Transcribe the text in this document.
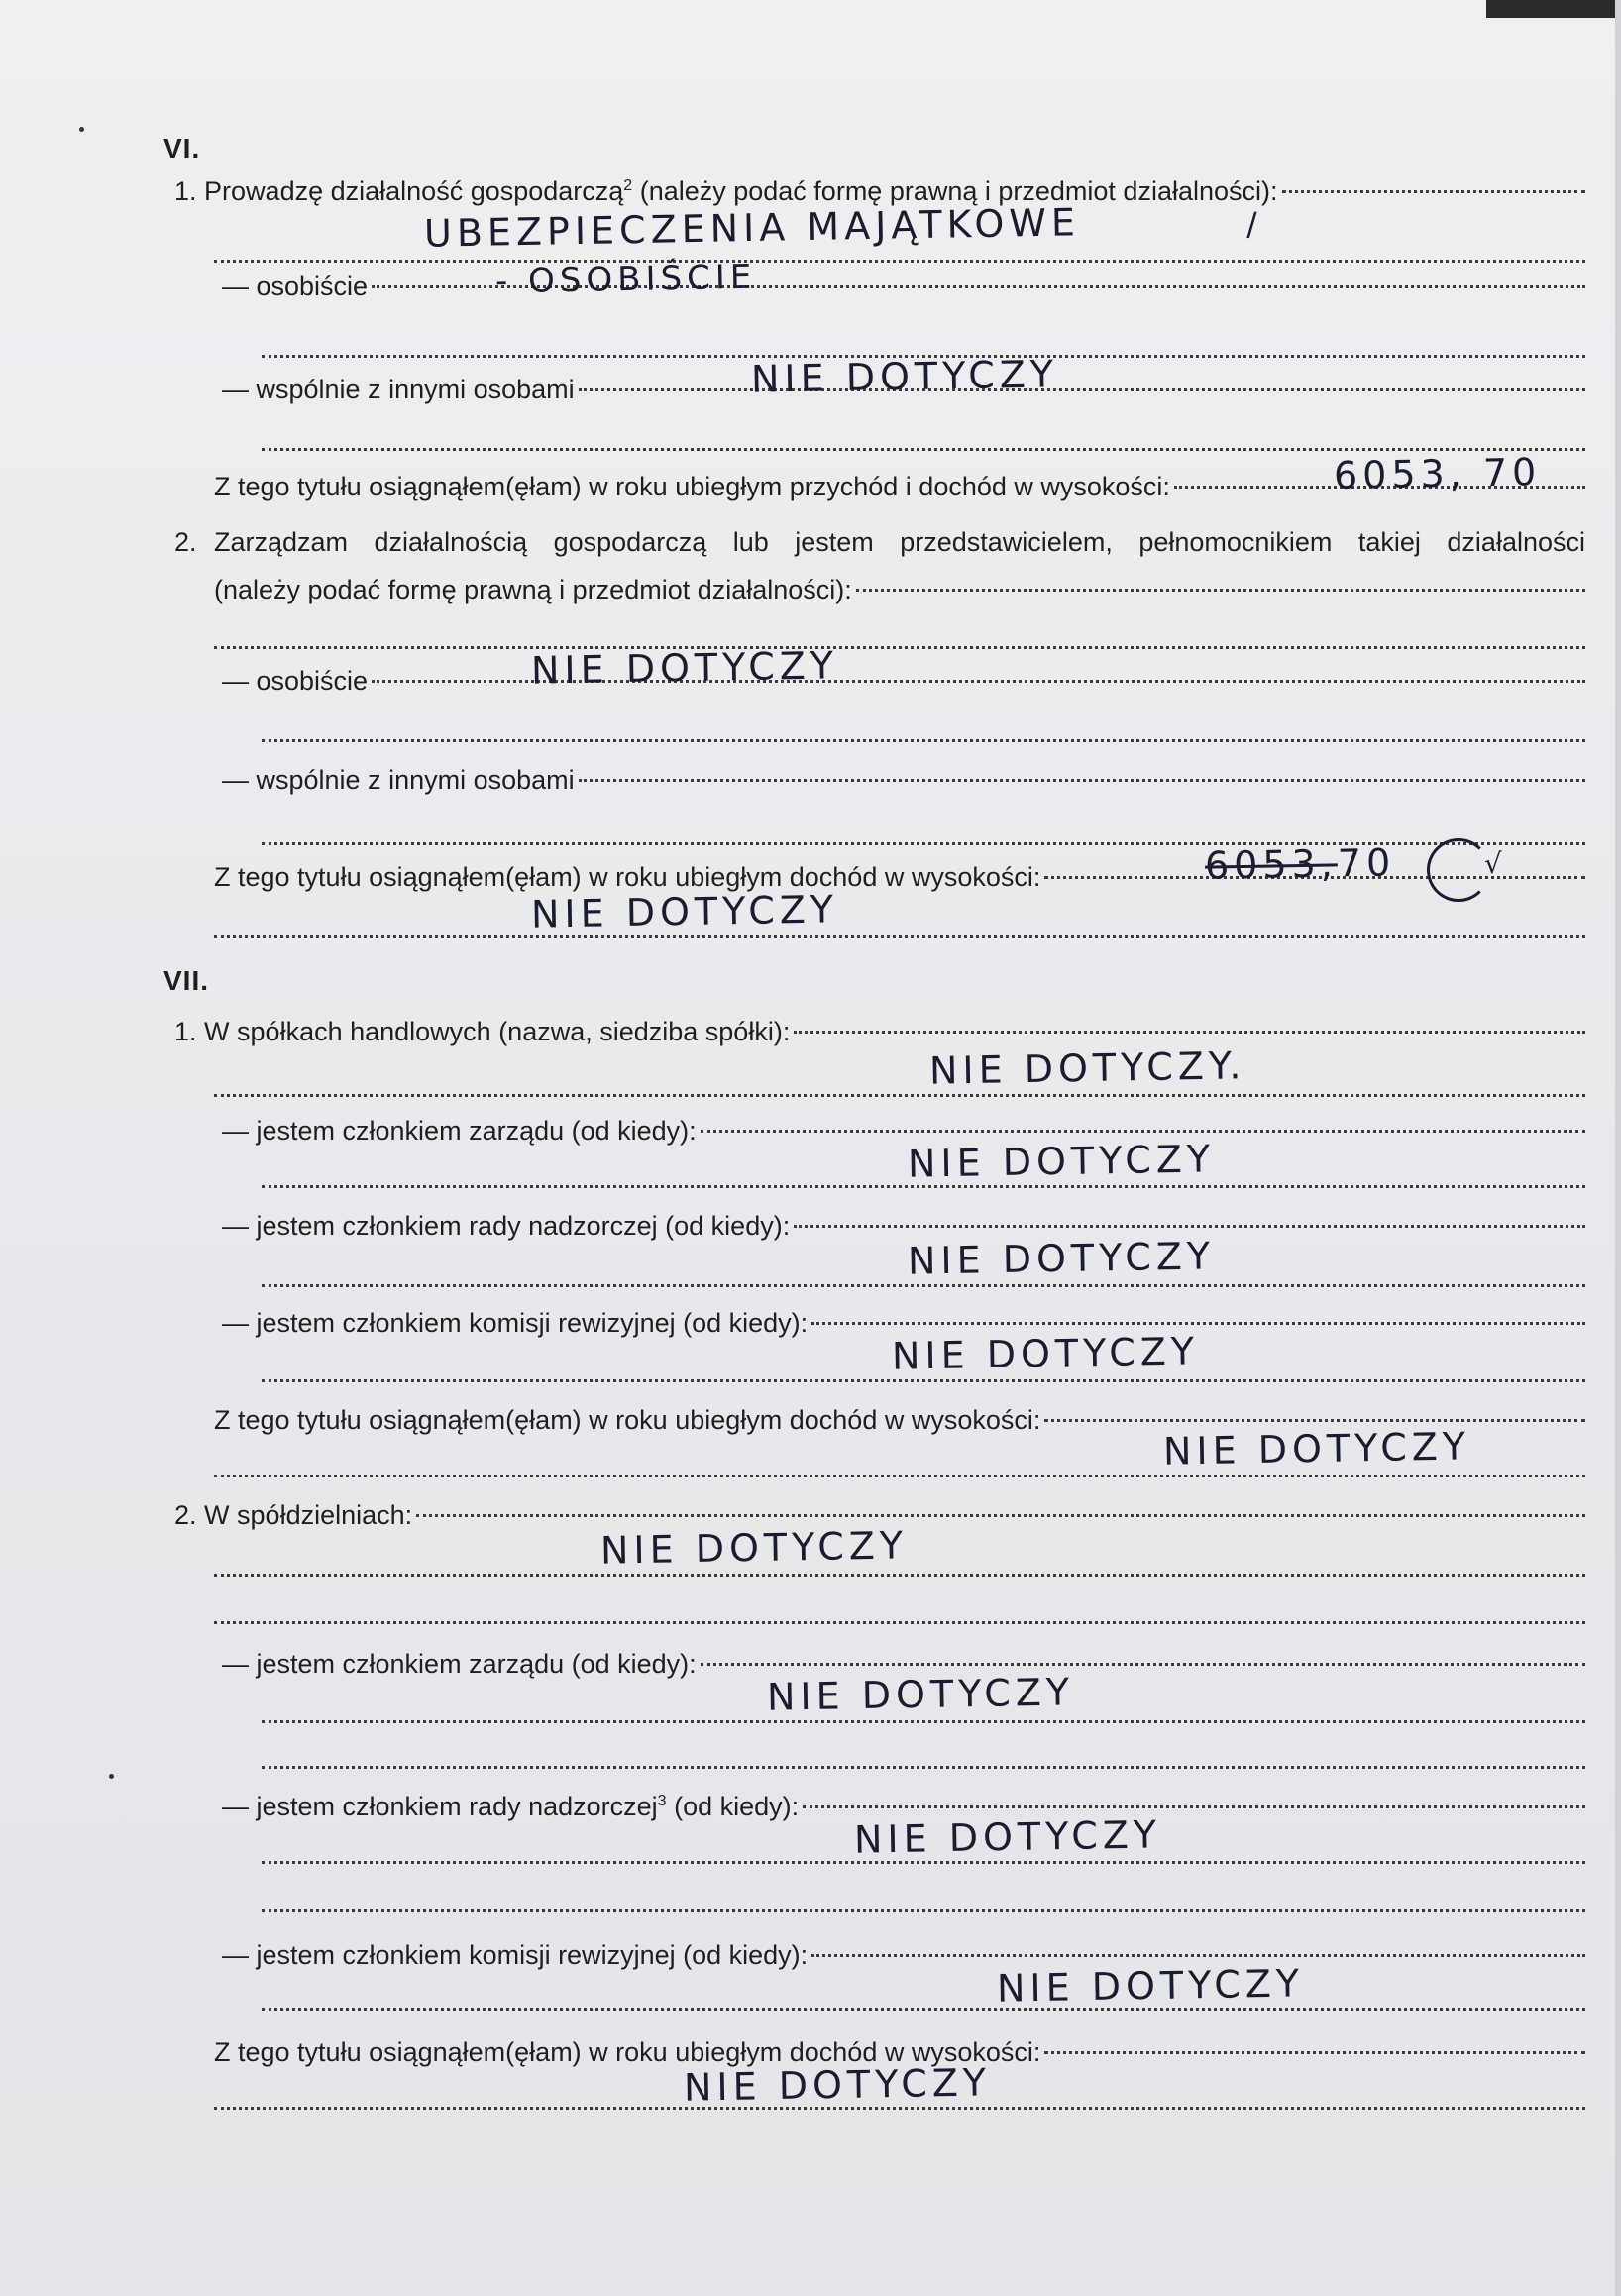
VI.
1. Prowadzę działalność gospodarczą$^2$ (należy podać formę prawną i przedmiot działalności):
UBEZPIECZENIA MAJĄTKOWE	/
— osobiście	- OSOBIŚCIE
— wspólnie z innymi osobami	NIE DOTYCZY
Z tego tytułu osiągnąłem(ęłam) w roku ubiegłym przychód i dochód w wysokości:	6053, 70
2. Zarządzam działalnością gospodarczą lub jestem przedstawicielem, pełnomocnikiem takiej działalności
(należy podać formę prawną i przedmiot działalności):
— osobiście	NIE DOTYCZY
— wspólnie z innymi osobami
Z tego tytułu osiągnąłem(ęłam) w roku ubiegłym dochód w wysokości:	6053,70	√
NIE DOTYCZY
VII.
1. W spółkach handlowych (nazwa, siedziba spółki):
NIE DOTYCZY.
— jestem członkiem zarządu (od kiedy):
NIE DOTYCZY
— jestem członkiem rady nadzorczej (od kiedy):
NIE DOTYCZY
— jestem członkiem komisji rewizyjnej (od kiedy):
NIE DOTYCZY
Z tego tytułu osiągnąłem(ęłam) w roku ubiegłym dochód w wysokości:
NIE DOTYCZY
2. W spółdzielniach:
NIE DOTYCZY
— jestem członkiem zarządu (od kiedy):
NIE DOTYCZY
— jestem członkiem rady nadzorczej$^3$ (od kiedy):
NIE DOTYCZY
— jestem członkiem komisji rewizyjnej (od kiedy):
NIE DOTYCZY
Z tego tytułu osiągnąłem(ęłam) w roku ubiegłym dochód w wysokości:
NIE DOTYCZY
